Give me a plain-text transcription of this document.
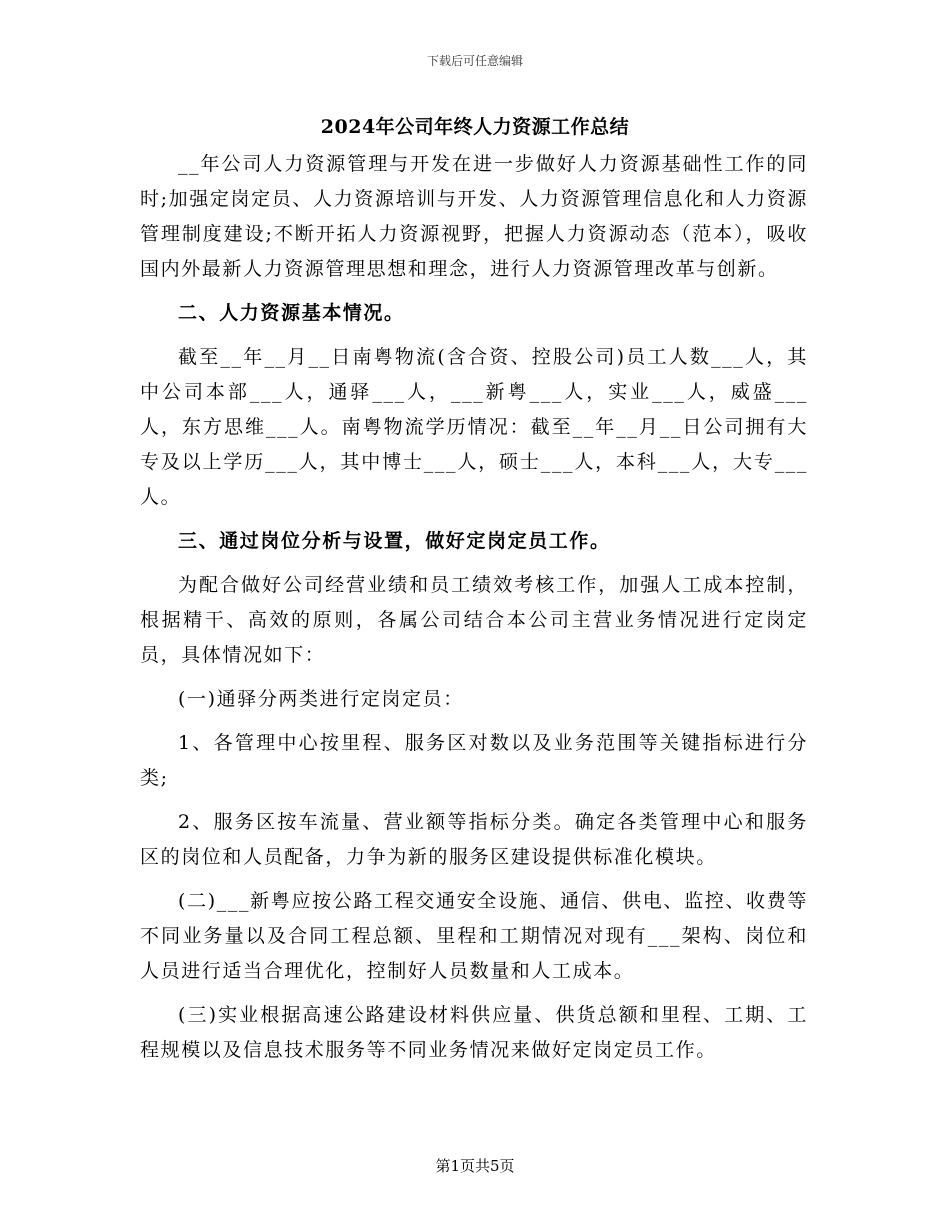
下载后可任意编辑
2024年公司年终人力资源工作总结

__年公司人力资源管理与开发在进一步做好人力资源基础性工作的同时;加强定岗定员、人力资源培训与开发、人力资源管理信息化和人力资源管理制度建设;不断开拓人力资源视野，把握人力资源动态（范本），吸收国内外最新人力资源管理思想和理念，进行人力资源管理改革与创新。

二、人力资源基本情况。

截至__年__月__日南粤物流(含合资、控股公司)员工人数___人，其中公司本部___人，通驿___人，___新粤___人，实业___人，威盛___人，东方思维___人。南粤物流学历情况：截至__年__月__日公司拥有大专及以上学历___人，其中博士___人，硕士___人，本科___人，大专___人。

三、通过岗位分析与设置，做好定岗定员工作。

为配合做好公司经营业绩和员工绩效考核工作，加强人工成本控制，根据精干、高效的原则，各属公司结合本公司主营业务情况进行定岗定员，具体情况如下：

(一)通驿分两类进行定岗定员：

1、各管理中心按里程、服务区对数以及业务范围等关键指标进行分类;

2、服务区按车流量、营业额等指标分类。确定各类管理中心和服务区的岗位和人员配备，力争为新的服务区建设提供标准化模块。

(二)___新粤应按公路工程交通安全设施、通信、供电、监控、收费等不同业务量以及合同工程总额、里程和工期情况对现有___架构、岗位和人员进行适当合理优化，控制好人员数量和人工成本。

(三)实业根据高速公路建设材料供应量、供货总额和里程、工期、工程规模以及信息技术服务等不同业务情况来做好定岗定员工作。

第1页共5页
